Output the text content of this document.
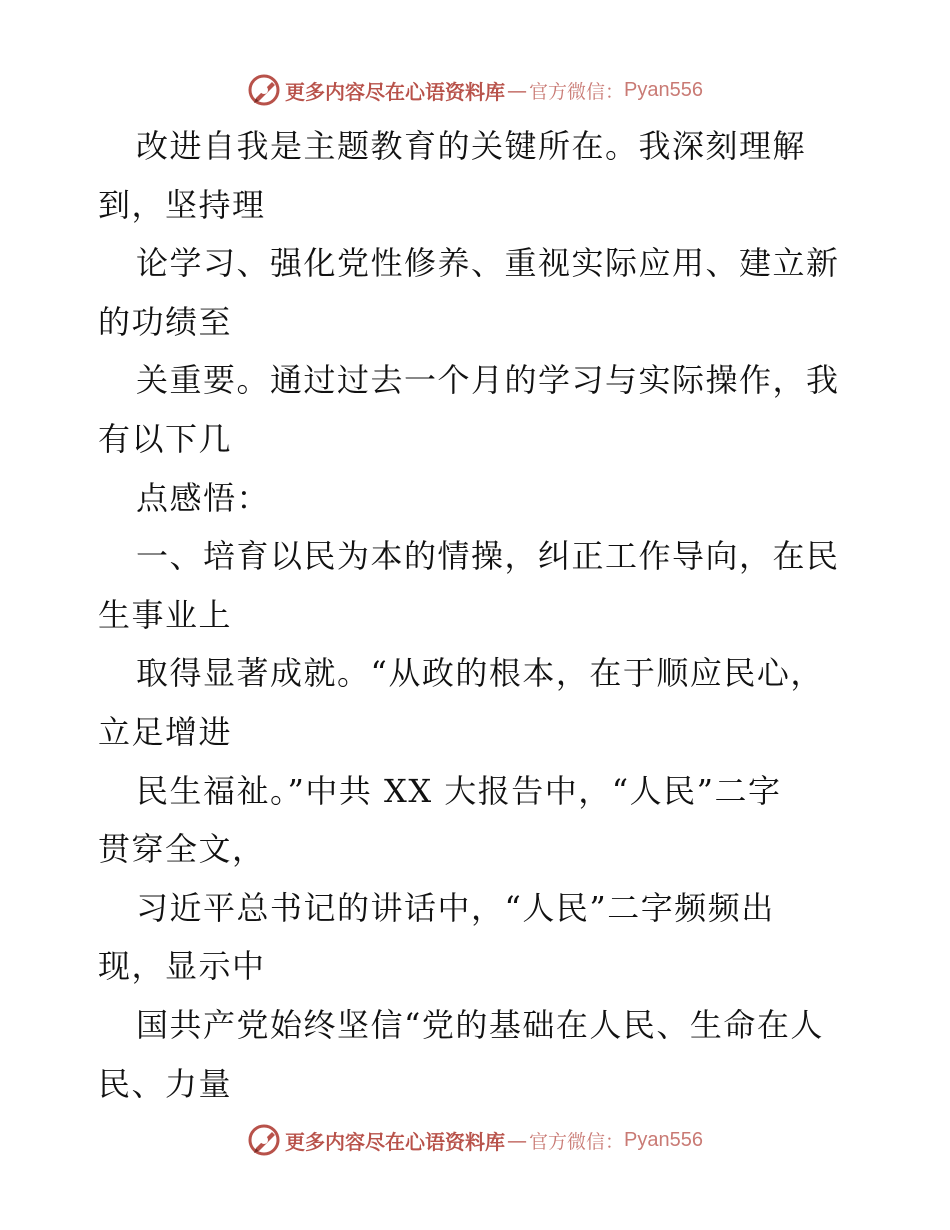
更多内容尽在心语资料库 — 官方微信： Pyan556
改进自我是主题教育的关键所在。我深刻理解
到，坚持理
论学习、强化党性修养、重视实际应用、建立新
的功绩至
关重要。通过过去一个月的学习与实际操作，我
有以下几
点感悟：
一、培育以民为本的情操，纠正工作导向，在民
生事业上
取得显著成就。“从政的根本，在于顺应民心，
立足增进
民生福祉。”中共 XX 大报告中，“人民”二字
贯穿全文，
习近平总书记的讲话中，“人民”二字频频出
现，显示中
国共产党始终坚信“党的基础在人民、生命在人
民、力量
更多内容尽在心语资料库 — 官方微信： Pyan556
